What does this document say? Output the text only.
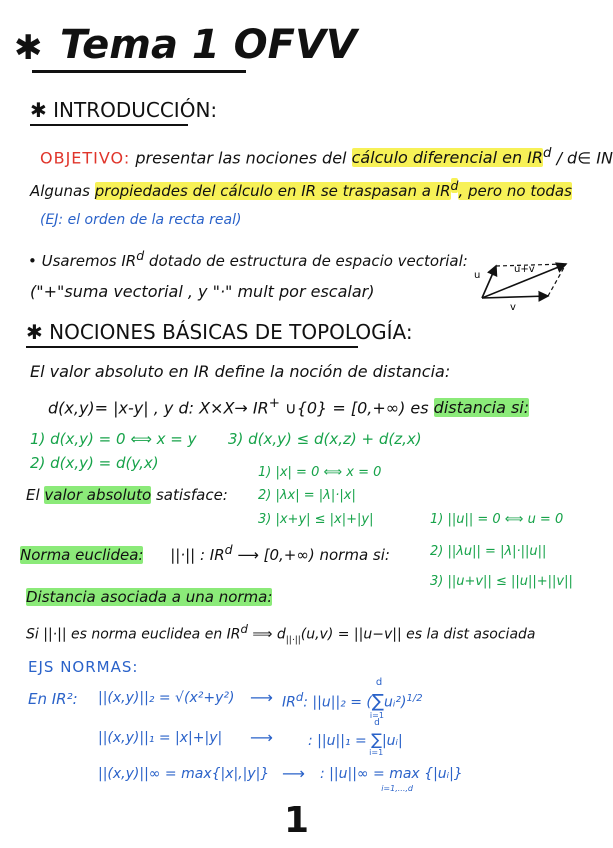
✱ Tema 1 OFVV
✱ INTRODUCCIÓN:
OBJETIVO: presentar las nociones del cálculo diferencial en $IR^d$ / d∈ IN
Algunas propiedades del cálculo en IR se traspasan a $IR^d$, pero no todas
(EJ: el orden de la recta real)
• Usaremos $IR^d$ dotado de estructura de espacio vectorial:
("+"suma vectorial , y "·" mult por escalar)
u
u+v
v
✱ NOCIONES BÁSICAS DE TOPOLOGÍA:
El valor absoluto en IR define la noción de distancia:
d(x,y)= |x-y| , y d: X×X→ IR+ ∪{0} = [0,+∞) es distancia si:
1) d(x,y) = 0 ⟺ x = y 3) d(x,y) ≤ d(x,z) + d(z,x)
2) d(x,y) = d(y,x)
1) |x| = 0 ⟺ x = 0
El valor absoluto satisface: 2) |λx| = |λ|·|x|
3) |x+y| ≤ |x|+|y|	1) ||u|| = 0 ⟺ u = 0
Norma euclidea: ||·|| : $IR^d$ ⟶ [0,+∞) norma si:	2) ||λu|| = |λ|·||u||
3) ||u+v|| ≤ ||u||+||v||
Distancia asociada a una norma:
Si ||·|| es norma euclidea en $IR^d$ ⟹ $d_{||\cdot||}(u,v) = ||u-v||$ es la dist asociada
EJS NORMAS:
En IR²: ||(x,y)||₂ = √(x²+y²) ⟶ $IR^d$: ||u||₂ = (∑
d
i=1
uᵢ²)$^{1/2}$
||(x,y)||₁ = |x|+|y| ⟶	: ||u||₁ = ∑
d
i=1
|uᵢ|
||(x,y)||∞ = max{|x|,|y|} ⟶ : ||u||∞ = max
i=1,...,d
{|uᵢ|}
1
